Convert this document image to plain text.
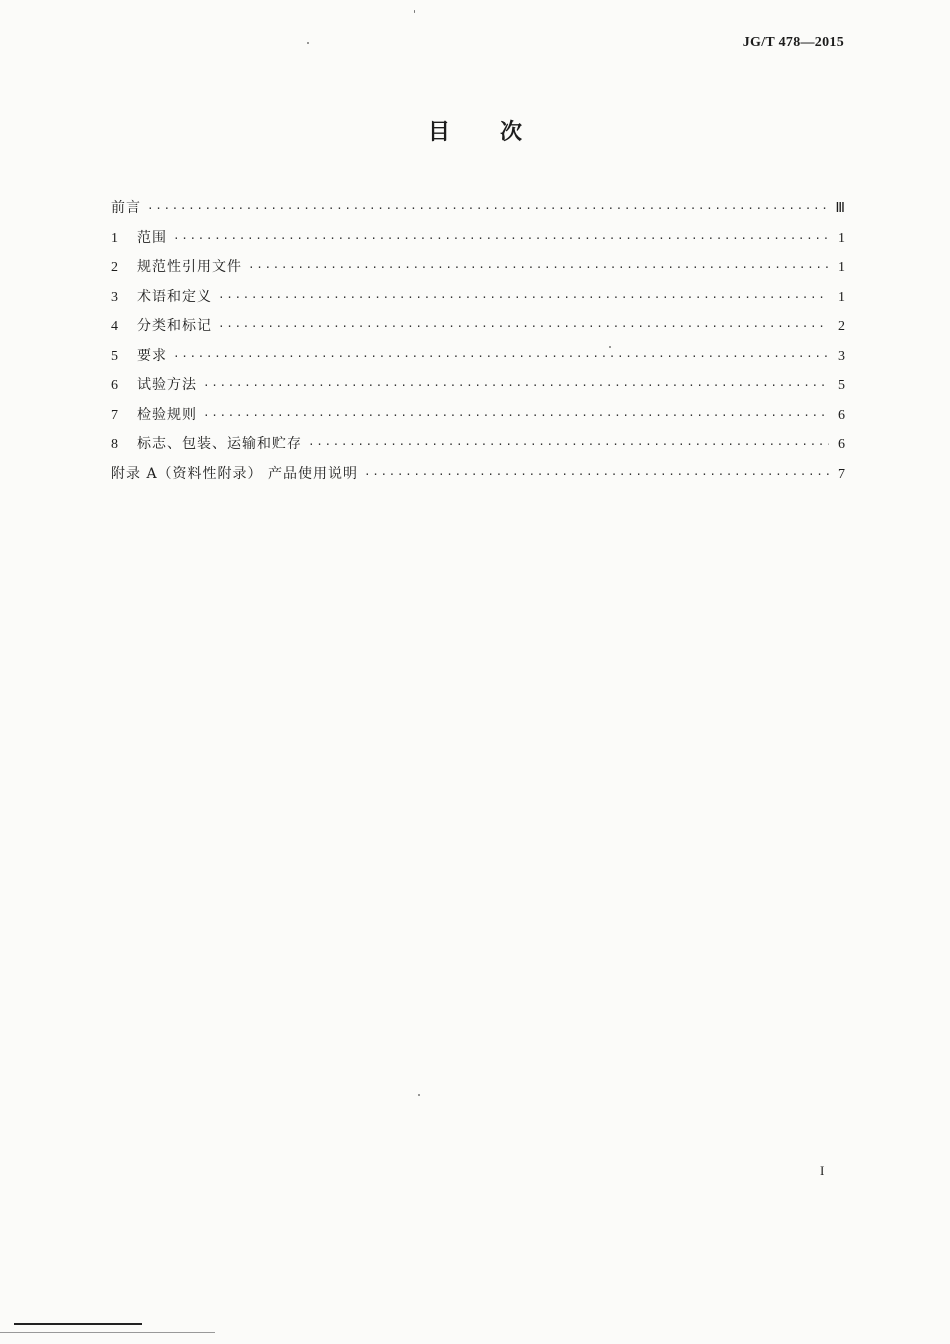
JG/T 478—2015
目次
前言 ·····	Ⅲ
1	范围 ·····	1
2	规范性引用文件 ·····	1
3	术语和定义 ·····	1
4	分类和标记 ·····	2
5	要求 ·····	3
6	试验方法 ·····	5
7	检验规则 ·····	6
8	标志、包装、运输和贮存 ·····	6
附录 A（资料性附录） 产品使用说明 ·····	7
I
